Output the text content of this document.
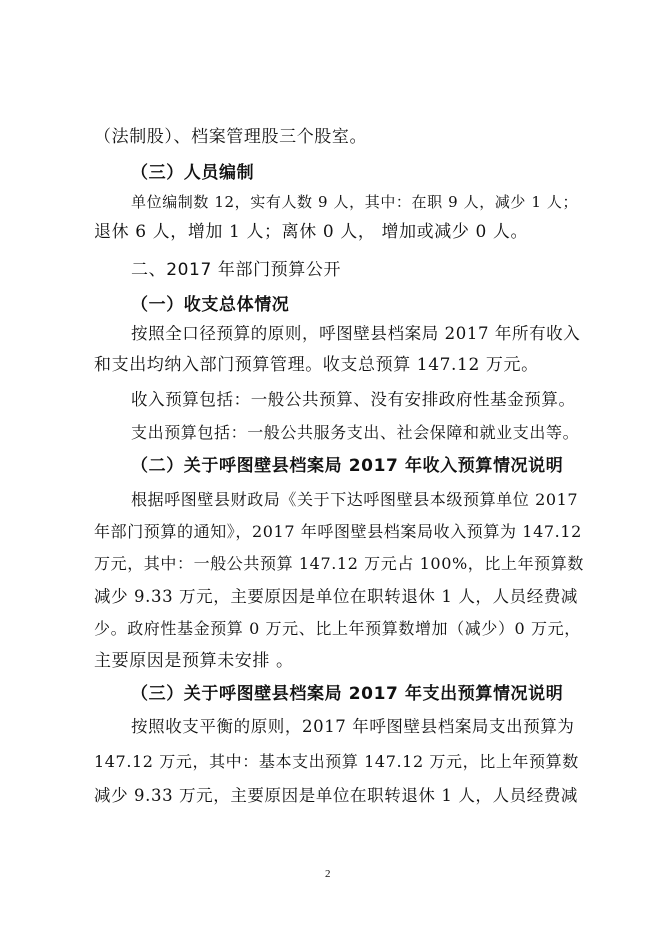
（法制股）、档案管理股三个股室。
（三）人员编制
单位编制数 12，实有人数 9 人，其中：在职 9 人，减少 1 人；
退休 6 人，增加 1 人；离休 0 人， 增加或减少 0 人。
二、2017 年部门预算公开
（一）收支总体情况
按照全口径预算的原则，呼图壁县档案局 2017 年所有收入
和支出均纳入部门预算管理。收支总预算 147.12 万元。
收入预算包括：一般公共预算、没有安排政府性基金预算。
支出预算包括：一般公共服务支出、社会保障和就业支出等。
（二）关于呼图壁县档案局 2017 年收入预算情况说明
根据呼图壁县财政局《关于下达呼图壁县本级预算单位 2017
年部门预算的通知》，2017 年呼图壁县档案局收入预算为 147.12
万元，其中：一般公共预算 147.12 万元占 100%，比上年预算数
减少 9.33 万元，主要原因是单位在职转退休 1 人，人员经费减
少。政府性基金预算 0 万元、比上年预算数增加（减少）0 万元，
主要原因是预算未安排 。
（三）关于呼图壁县档案局 2017 年支出预算情况说明
按照收支平衡的原则，2017 年呼图壁县档案局支出预算为
147.12 万元，其中：基本支出预算 147.12 万元，比上年预算数
减少 9.33 万元，主要原因是单位在职转退休 1 人，人员经费减
2
